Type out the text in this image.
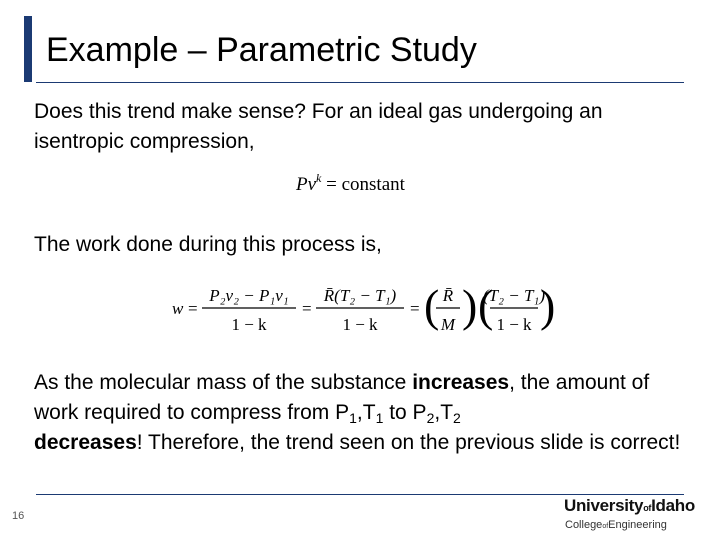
Example – Parametric Study
Does this trend make sense? For an ideal gas undergoing an isentropic compression,
$Pv^k$ = constant
The work done during this process is,
w =
P₂v₂ − P₁v₁
1 − k
=
R̄(T₂ − T₁)
1 − k
= ( R̄
M ) (
(T₂ − T₁)
1 − k )
As the molecular mass of the substance increases, the amount of work required to compress from $P_1,T_1$ to $P_2,T_2$
decreases! Therefore, the trend seen on the previous slide is correct!
16
UniversityofIdaho
CollegeofEngineering
